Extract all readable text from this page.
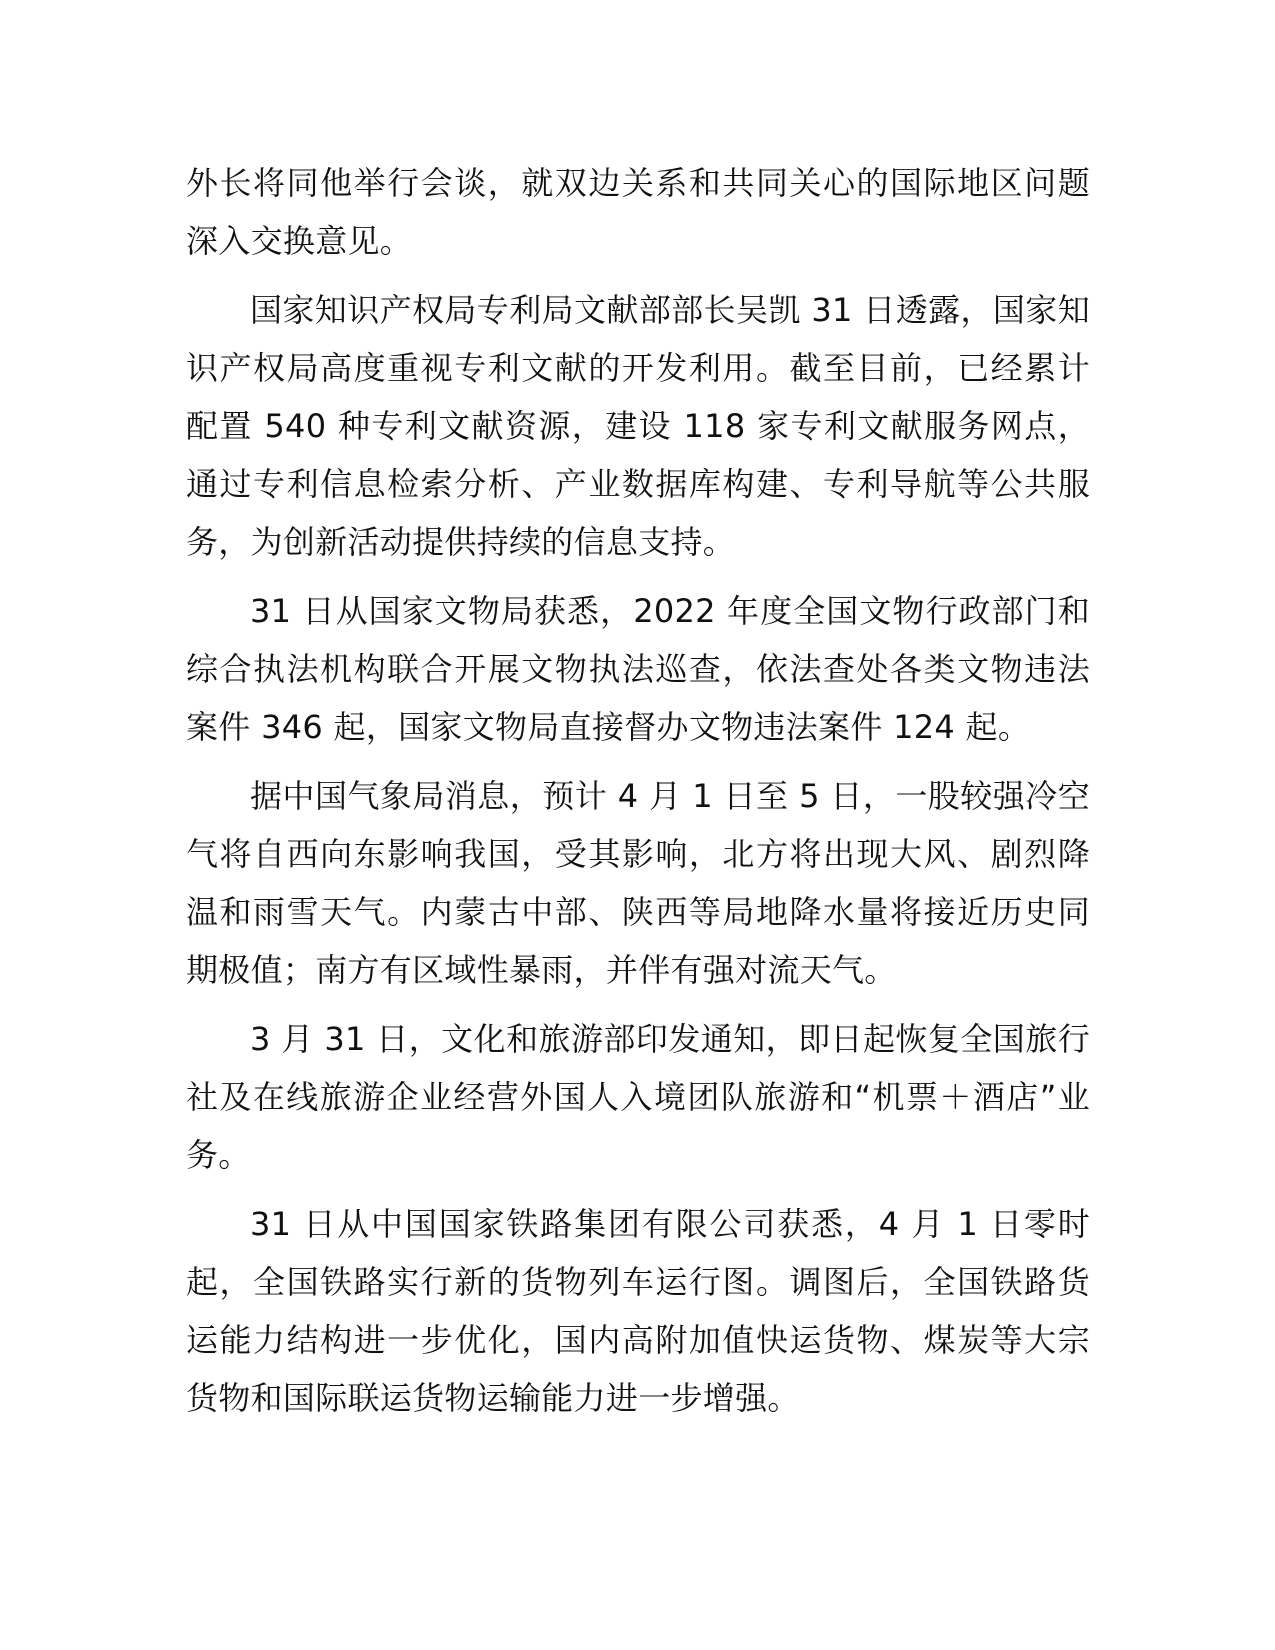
外长将同他举行会谈，就双边关系和共同关心的国际地区问题深入交换意见。

国家知识产权局专利局文献部部长吴凯 31 日透露，国家知识产权局高度重视专利文献的开发利用。截至目前，已经累计配置 540 种专利文献资源，建设 118 家专利文献服务网点，通过专利信息检索分析、产业数据库构建、专利导航等公共服务，为创新活动提供持续的信息支持。

31 日从国家文物局获悉，2022 年度全国文物行政部门和综合执法机构联合开展文物执法巡查，依法查处各类文物违法案件 346 起，国家文物局直接督办文物违法案件 124 起。

据中国气象局消息，预计 4 月 1 日至 5 日，一股较强冷空气将自西向东影响我国，受其影响，北方将出现大风、剧烈降温和雨雪天气。内蒙古中部、陕西等局地降水量将接近历史同期极值；南方有区域性暴雨，并伴有强对流天气。

3 月 31 日，文化和旅游部印发通知，即日起恢复全国旅行社及在线旅游企业经营外国人入境团队旅游和“机票＋酒店”业务。

31 日从中国国家铁路集团有限公司获悉，4 月 1 日零时起，全国铁路实行新的货物列车运行图。调图后，全国铁路货运能力结构进一步优化，国内高附加值快运货物、煤炭等大宗货物和国际联运货物运输能力进一步增强。
